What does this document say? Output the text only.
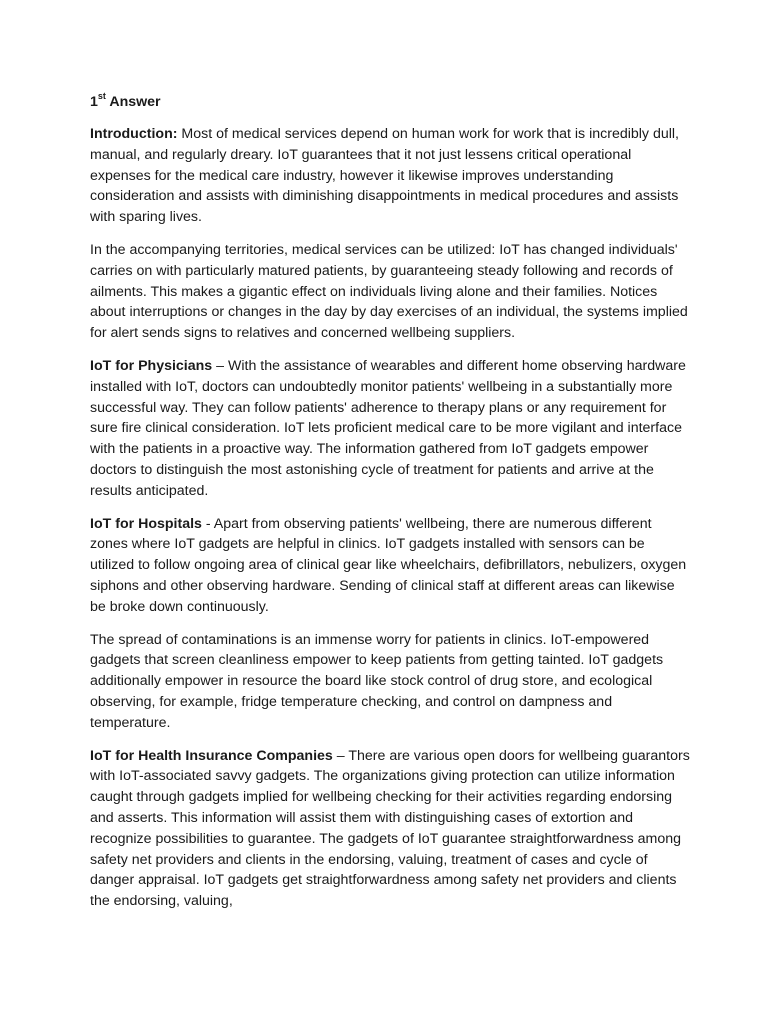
1st Answer

Introduction: Most of medical services depend on human work for work that is incredibly dull, manual, and regularly dreary. IoT guarantees that it not just lessens critical operational expenses for the medical care industry, however it likewise improves understanding consideration and assists with diminishing disappointments in medical procedures and assists with sparing lives.

In the accompanying territories, medical services can be utilized: IoT has changed individuals' carries on with particularly matured patients, by guaranteeing steady following and records of ailments. This makes a gigantic effect on individuals living alone and their families. Notices about interruptions or changes in the day by day exercises of an individual, the systems implied for alert sends signs to relatives and concerned wellbeing suppliers.

IoT for Physicians – With the assistance of wearables and different home observing hardware installed with IoT, doctors can undoubtedly monitor patients' wellbeing in a substantially more successful way. They can follow patients' adherence to therapy plans or any requirement for sure fire clinical consideration. IoT lets proficient medical care to be more vigilant and interface with the patients in a proactive way. The information gathered from IoT gadgets empower doctors to distinguish the most astonishing cycle of treatment for patients and arrive at the results anticipated.

IoT for Hospitals - Apart from observing patients' wellbeing, there are numerous different zones where IoT gadgets are helpful in clinics. IoT gadgets installed with sensors can be utilized to follow ongoing area of clinical gear like wheelchairs, defibrillators, nebulizers, oxygen siphons and other observing hardware. Sending of clinical staff at different areas can likewise be broke down continuously.

The spread of contaminations is an immense worry for patients in clinics. IoT-empowered gadgets that screen cleanliness empower to keep patients from getting tainted. IoT gadgets additionally empower in resource the board like stock control of drug store, and ecological observing, for example, fridge temperature checking, and control on dampness and temperature.

IoT for Health Insurance Companies – There are various open doors for wellbeing guarantors with IoT-associated savvy gadgets. The organizations giving protection can utilize information caught through gadgets implied for wellbeing checking for their activities regarding endorsing and asserts. This information will assist them with distinguishing cases of extortion and recognize possibilities to guarantee. The gadgets of IoT guarantee straightforwardness among safety net providers and clients in the endorsing, valuing, treatment of cases and cycle of danger appraisal. IoT gadgets get straightforwardness among safety net providers and clients the endorsing, valuing,
